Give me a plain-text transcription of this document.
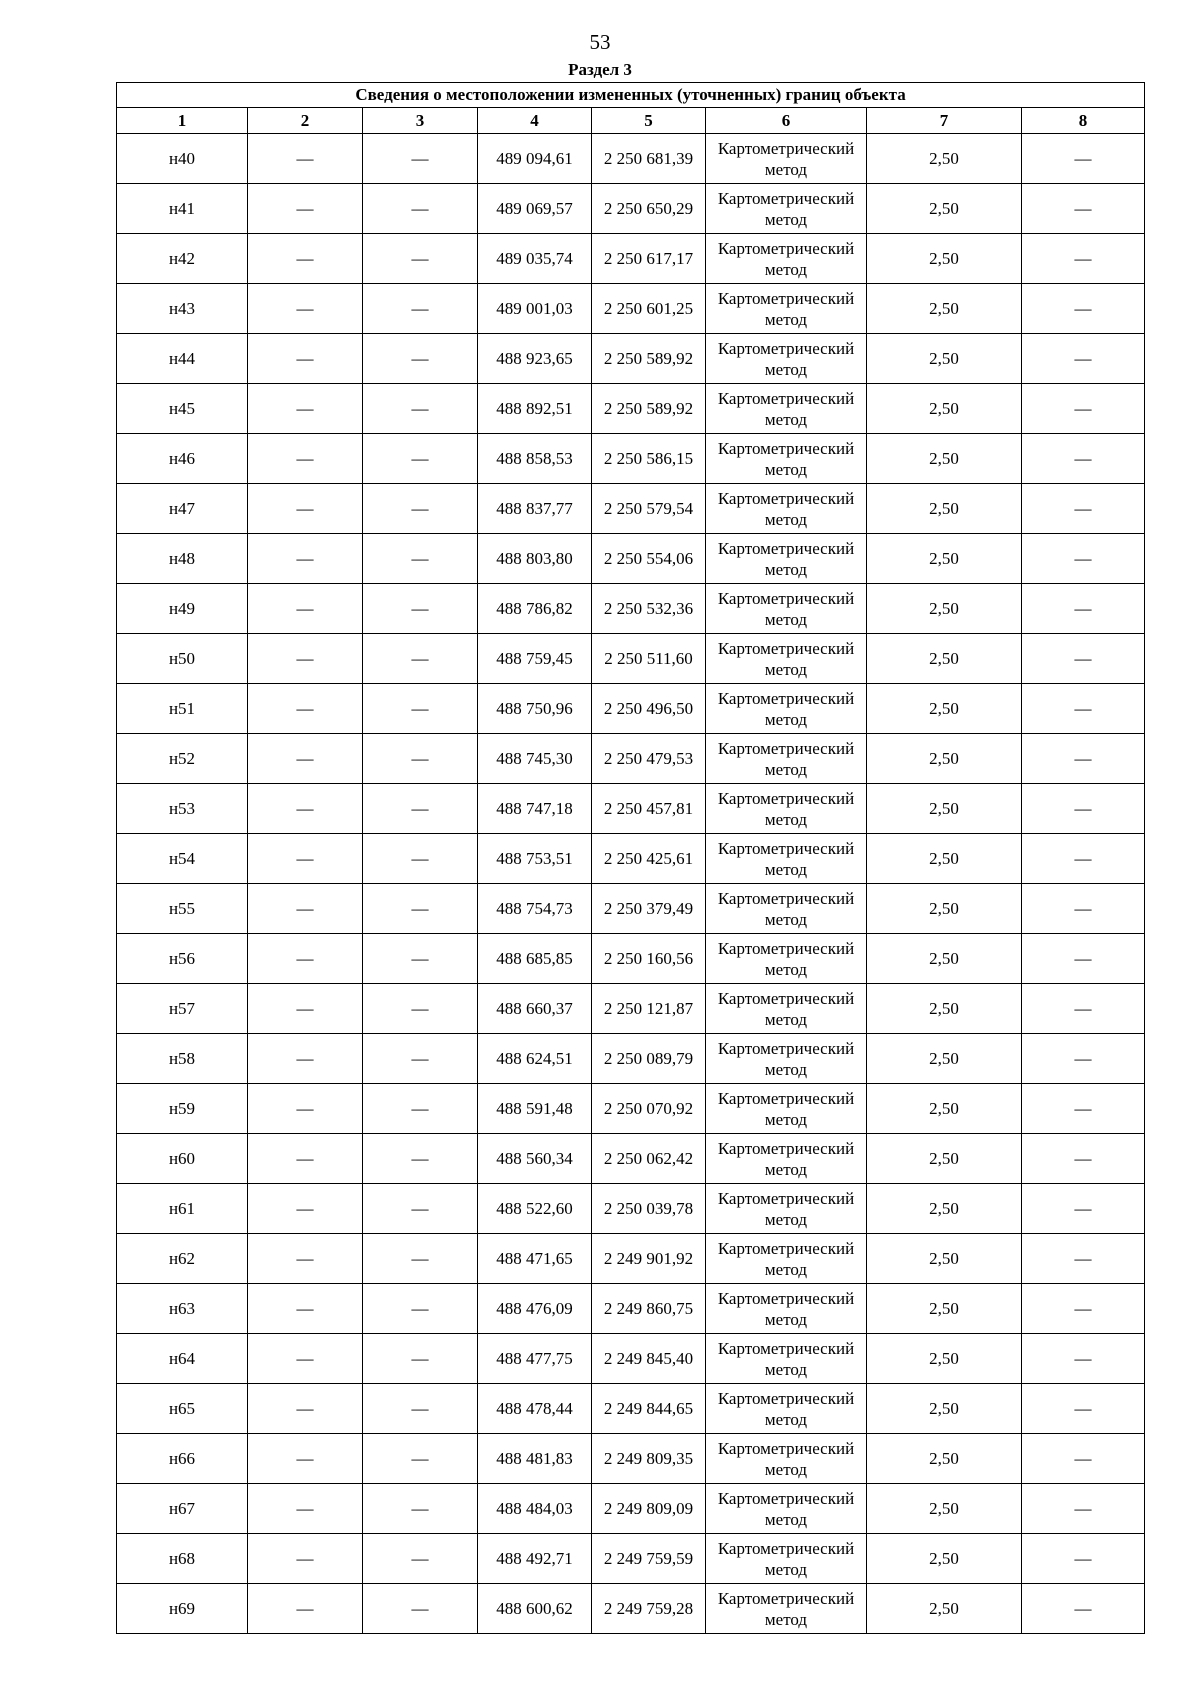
53
Раздел 3
Сведения о местоположении измененных (уточненных) границ объекта							
1	2	3	4	5	6	7	8
н40	—	—	489 094,61	2 250 681,39	Картометрический метод	2,50	—
н41	—	—	489 069,57	2 250 650,29	Картометрический метод	2,50	—
н42	—	—	489 035,74	2 250 617,17	Картометрический метод	2,50	—
н43	—	—	489 001,03	2 250 601,25	Картометрический метод	2,50	—
н44	—	—	488 923,65	2 250 589,92	Картометрический метод	2,50	—
н45	—	—	488 892,51	2 250 589,92	Картометрический метод	2,50	—
н46	—	—	488 858,53	2 250 586,15	Картометрический метод	2,50	—
н47	—	—	488 837,77	2 250 579,54	Картометрический метод	2,50	—
н48	—	—	488 803,80	2 250 554,06	Картометрический метод	2,50	—
н49	—	—	488 786,82	2 250 532,36	Картометрический метод	2,50	—
н50	—	—	488 759,45	2 250 511,60	Картометрический метод	2,50	—
н51	—	—	488 750,96	2 250 496,50	Картометрический метод	2,50	—
н52	—	—	488 745,30	2 250 479,53	Картометрический метод	2,50	—
н53	—	—	488 747,18	2 250 457,81	Картометрический метод	2,50	—
н54	—	—	488 753,51	2 250 425,61	Картометрический метод	2,50	—
н55	—	—	488 754,73	2 250 379,49	Картометрический метод	2,50	—
н56	—	—	488 685,85	2 250 160,56	Картометрический метод	2,50	—
н57	—	—	488 660,37	2 250 121,87	Картометрический метод	2,50	—
н58	—	—	488 624,51	2 250 089,79	Картометрический метод	2,50	—
н59	—	—	488 591,48	2 250 070,92	Картометрический метод	2,50	—
н60	—	—	488 560,34	2 250 062,42	Картометрический метод	2,50	—
н61	—	—	488 522,60	2 250 039,78	Картометрический метод	2,50	—
н62	—	—	488 471,65	2 249 901,92	Картометрический метод	2,50	—
н63	—	—	488 476,09	2 249 860,75	Картометрический метод	2,50	—
н64	—	—	488 477,75	2 249 845,40	Картометрический метод	2,50	—
н65	—	—	488 478,44	2 249 844,65	Картометрический метод	2,50	—
н66	—	—	488 481,83	2 249 809,35	Картометрический метод	2,50	—
н67	—	—	488 484,03	2 249 809,09	Картометрический метод	2,50	—
н68	—	—	488 492,71	2 249 759,59	Картометрический метод	2,50	—
н69	—	—	488 600,62	2 249 759,28	Картометрический метод	2,50	—
